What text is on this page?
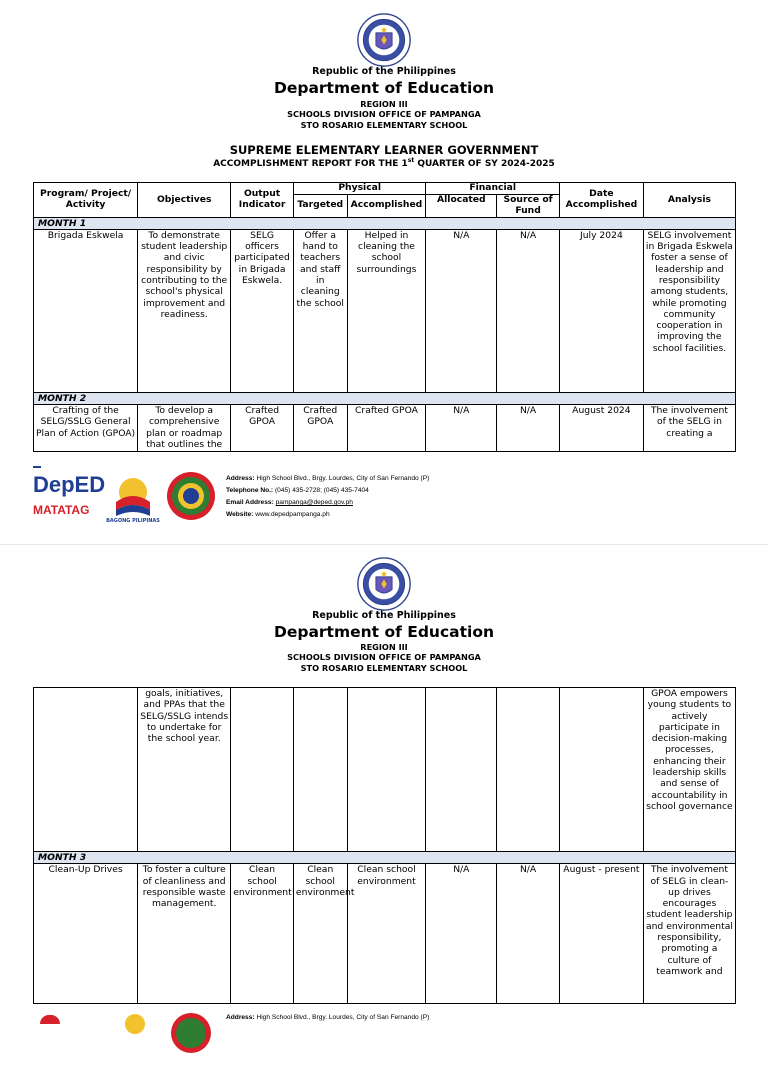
Republic of the Philippines
Department of Education
REGION III
SCHOOLS DIVISION OFFICE OF PAMPANGA
STO ROSARIO ELEMENTARY SCHOOL
SUPREME ELEMENTARY LEARNER GOVERNMENT
ACCOMPLISHMENT REPORT FOR THE 1st QUARTER OF SY 2024-2025
Program/ Project/ Activity	Objectives	Output Indicator	Physical		Financial		Date Accomplished	Analysis
			Targeted	Accomplished	Allocated	Source of Fund		
MONTH 1								
Brigada Eskwela	To demonstrate student leadership and civic responsibility by contributing to the school's physical improvement and readiness.	SELG officers participated in Brigada Eskwela.	Offer a hand to teachers and staff in cleaning the school	Helped in cleaning the school surroundings	N/A	N/A	July 2024	SELG involvement in Brigada Eskwela foster a sense of leadership and responsibility among students, while promoting community cooperation in improving the school facilities.
MONTH 2								
Crafting of the SELG/SSLG General Plan of Action (GPOA)	To develop a comprehensive plan or roadmap that outlines the	Crafted GPOA	Crafted GPOA	Crafted GPOA	N/A	N/A	August 2024	The involvement of the SELG in creating a
DepED
MATATAG
BAGONG PILIPINAS
Address: High School Blvd., Brgy. Lourdes, City of San Fernando (P)
Telephone No.: (045) 435-2728; (045) 435-7404
Email Address: pampanga@deped.gov.ph
Website: www.depedpampanga.ph
Republic of the Philippines
Department of Education
REGION III
SCHOOLS DIVISION OFFICE OF PAMPANGA
STO ROSARIO ELEMENTARY SCHOOL
	goals, initiatives, and PPAs that the SELG/SSLG intends to undertake for the school year.							GPOA empowers young students to actively participate in decision-making processes, enhancing their leadership skills and sense of accountability in school governance
MONTH 3								
Clean-Up Drives	To foster a culture of cleanliness and responsible waste management.	Clean school environment	Clean school environment	Clean school environment	N/A	N/A	August - present	The involvement of SELG in clean-up drives encourages student leadership and environmental responsibility, promoting a culture of teamwork and
Address: High School Blvd., Brgy. Lourdes, City of San Fernando (P)
